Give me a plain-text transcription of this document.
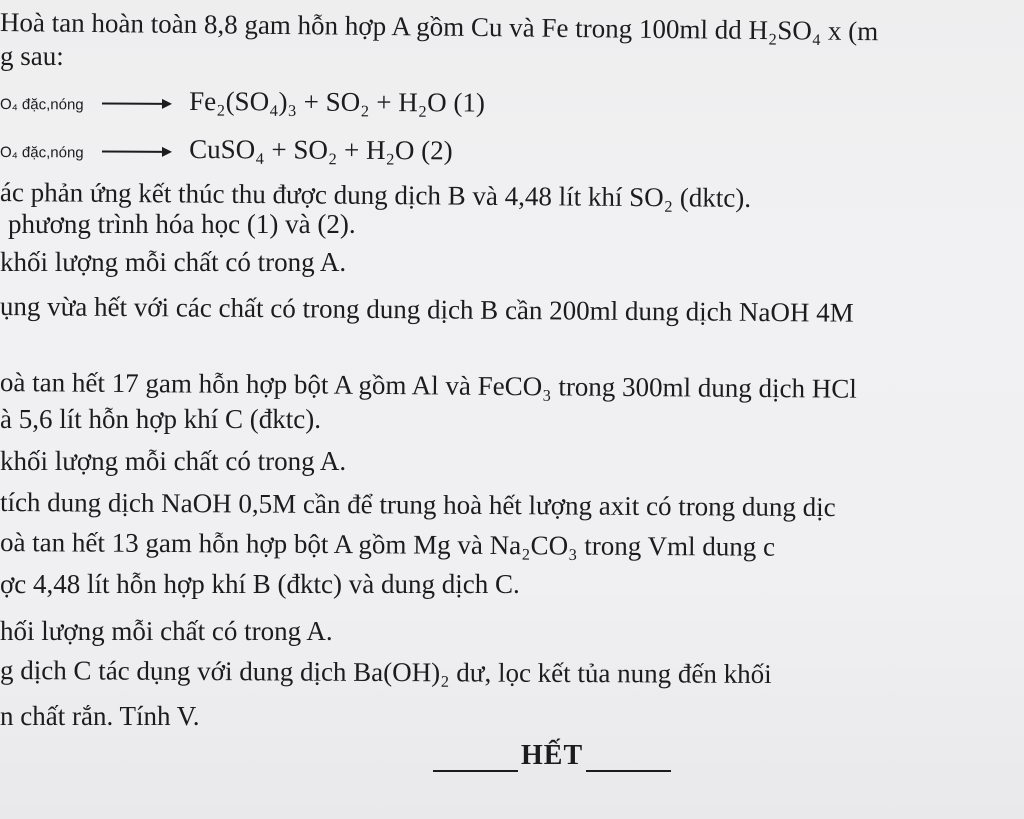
Hoà tan hoàn toàn 8,8 gam hỗn hợp A gồm Cu và Fe trong 100ml dd H₂SO₄ x (m
g sau:
O₄ đặc,nóng	Fe₂(SO₄)₃ + SO₂ + H₂O (1)
O₄ đặc,nóng	CuSO₄ + SO₂ + H₂O (2)
ác phản ứng kết thúc thu được dung dịch B và 4,48 lít khí SO₂ (dktc).
phương trình hóa học (1) và (2).
khối lượng mỗi chất có trong A.
ụng vừa hết với các chất có trong dung dịch B cần 200ml dung dịch NaOH 4M
oà tan hết 17 gam hỗn hợp bột A gồm Al và FeCO₃ trong 300ml dung dịch HCl
à 5,6 lít hỗn hợp khí C (đktc).
khối lượng mỗi chất có trong A.
tích dung dịch NaOH 0,5M cần để trung hoà hết lượng axit có trong dung dịc
oà tan hết 13 gam hỗn hợp bột A gồm Mg và Na₂CO₃ trong Vml dung c
ợc 4,48 lít hỗn hợp khí B (đktc) và dung dịch C.
hối lượng mỗi chất có trong A.
g dịch C tác dụng với dung dịch Ba(OH)₂ dư, lọc kết tủa nung đến khối
n chất rắn. Tính V.
HẾT
